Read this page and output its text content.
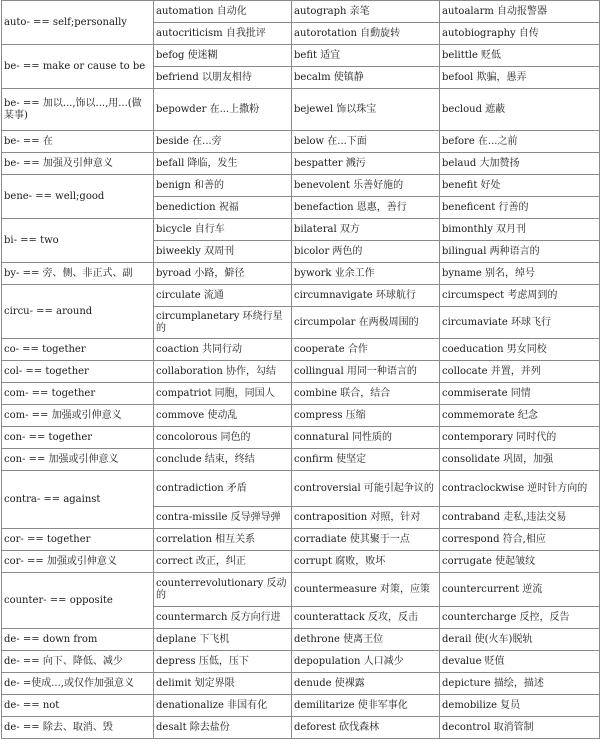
auto- == self;personally	automation 自动化	autograph 亲笔	autoalarm 自动报警器
	autocriticism 自我批评	autorotation 自動旋转	autobiography 自传
be- == make or cause to be	befog 使迷糊	befit 适宜	belittle 贬低
	befriend 以朋友相待	becalm 使镇静	befool 欺骗，愚弄
be- == 加以...,饰以...,用...(做某事)	bepowder 在...上撒粉	bejewel 饰以珠宝	becloud 遮蔽
be- == 在	beside 在...旁	below 在...下面	before 在...之前
be- == 加强及引伸意义	befall 降临，发生	bespatter 溅污	belaud 大加赞扬
bene- == well;good	benign 和善的	benevolent 乐善好施的	benefit 好处
	benediction 祝福	benefaction 恩惠，善行	beneficent 行善的
bi- == two	bicycle 自行车	bilateral 双方	bimonthly 双月刊
	biweekly 双周刊	bicolor 两色的	bilingual 两种语言的
by- == 旁、侧、非正式、副	byroad 小路，僻径	bywork 业余工作	byname 别名，绰号
circu- == around	circulate 流通	circumnavigate 环球航行	circumspect 考虑周到的
	circumplanetary 环绕行星的	circumpolar 在两极周围的	circumaviate 环球飞行
co- == together	coaction 共同行动	cooperate 合作	coeducation 男女同校
col- == together	collaboration 协作，勾结	collingual 用同一种语言的	collocate 并置，并列
com- == together	compatriot 同胞，同国人	combine 联合，结合	commiserate 同情
com- == 加强或引伸意义	commove 使动乱	compress 压缩	commemorate 纪念
con- == together	concolorous 同色的	connatural 同性质的	contemporary 同时代的
con- == 加强或引伸意义	conclude 结束，终结	confirm 使坚定	consolidate 巩固，加强
contra- == against	contradiction 矛盾	controversial 可能引起争议的	contraclockwise 逆时针方向的
	contra-missile 反导弹导弹	contraposition 对照，针对	contraband 走私,违法交易
cor- == together	correlation 相互关系	corradiate 使其聚于一点	correspond 符合,相应
cor- == 加强或引伸意义	correct 改正，纠正	corrupt 腐败，败坏	corrugate 使起皱纹
counter- == opposite	counterrevolutionary 反动的	countermeasure 对策，应策	countercurrent 逆流
	countermarch 反方向行进	counterattack 反攻，反击	countercharge 反控，反告
de- == down from	deplane 下飞机	dethrone 使离王位	derail 使(火车)脱轨
de- == 向下、降低、减少	depress 压低，压下	depopulation 人口减少	devalue 贬值
de- =使成...,或仅作加强意义	delimit 划定界限	denude 使裸露	depicture 描绘，描述
de- == not	denationalize 非国有化	demilitarize 使非军事化	demobilize 复员
de- == 除去、取消、毁	desalt 除去盐份	deforest 砍伐森林	decontrol 取消管制
